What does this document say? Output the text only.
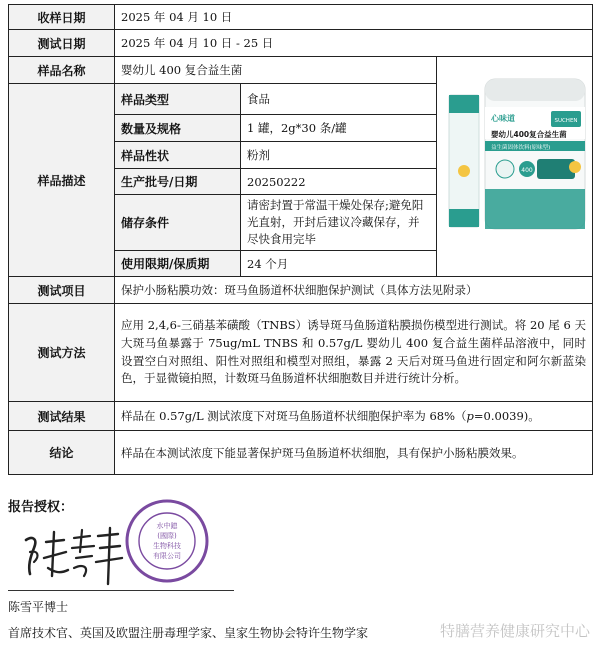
收样日期	2025 年 04 月 10 日		
测试日期	2025 年 04 月 10 日 - 25 日		
样品名称	婴幼儿 400 复合益生菌		心味道 SUCHEN
婴幼儿400复合益生菌
益生菌固体饮料(原味型)
400

样品描述	样品类型	食品	
	数量及规格	1 罐，2g*30 条/罐	
	样品性状	粉剂	
	生产批号/日期	20250222	
	储存条件	请密封置于常温干燥处保存;避免阳光直射，开封后建议冷藏保存，并尽快食用完毕	
	使用限期/保质期	24 个月	
测试项目	保护小肠粘膜功效：斑马鱼肠道杯状细胞保护测试（具体方法见附录）		
测试方法	应用 2,4,6-三硝基苯磺酸（TNBS）诱导斑马鱼肠道粘膜损伤模型进行测试。将 20 尾 6 天大斑马鱼暴露于 75ug/mL TNBS 和 0.57g/L 婴幼儿 400 复合益生菌样品溶液中，同时设置空白对照组、阳性对照组和模型对照组，暴露 2 天后对斑马鱼进行固定和阿尔新蓝染色，于显微镜拍照，计数斑马鱼肠道杯状细胞数目并进行统计分析。		
测试结果	样品在 0.57g/L 测试浓度下对斑马鱼肠道杯状细胞保护率为 68%（p=0.0039)。		
结论	样品在本测试浓度下能显著保护斑马鱼肠道杯状细胞，具有保护小肠粘膜效果。		
报告授权：
水中鎴
(國際)
生物科技
有限公司
陈雪平博士
首席技术官、英国及欧盟注册毒理学家、皇家生物协会特许生物学家	特膳营养健康研究中心
